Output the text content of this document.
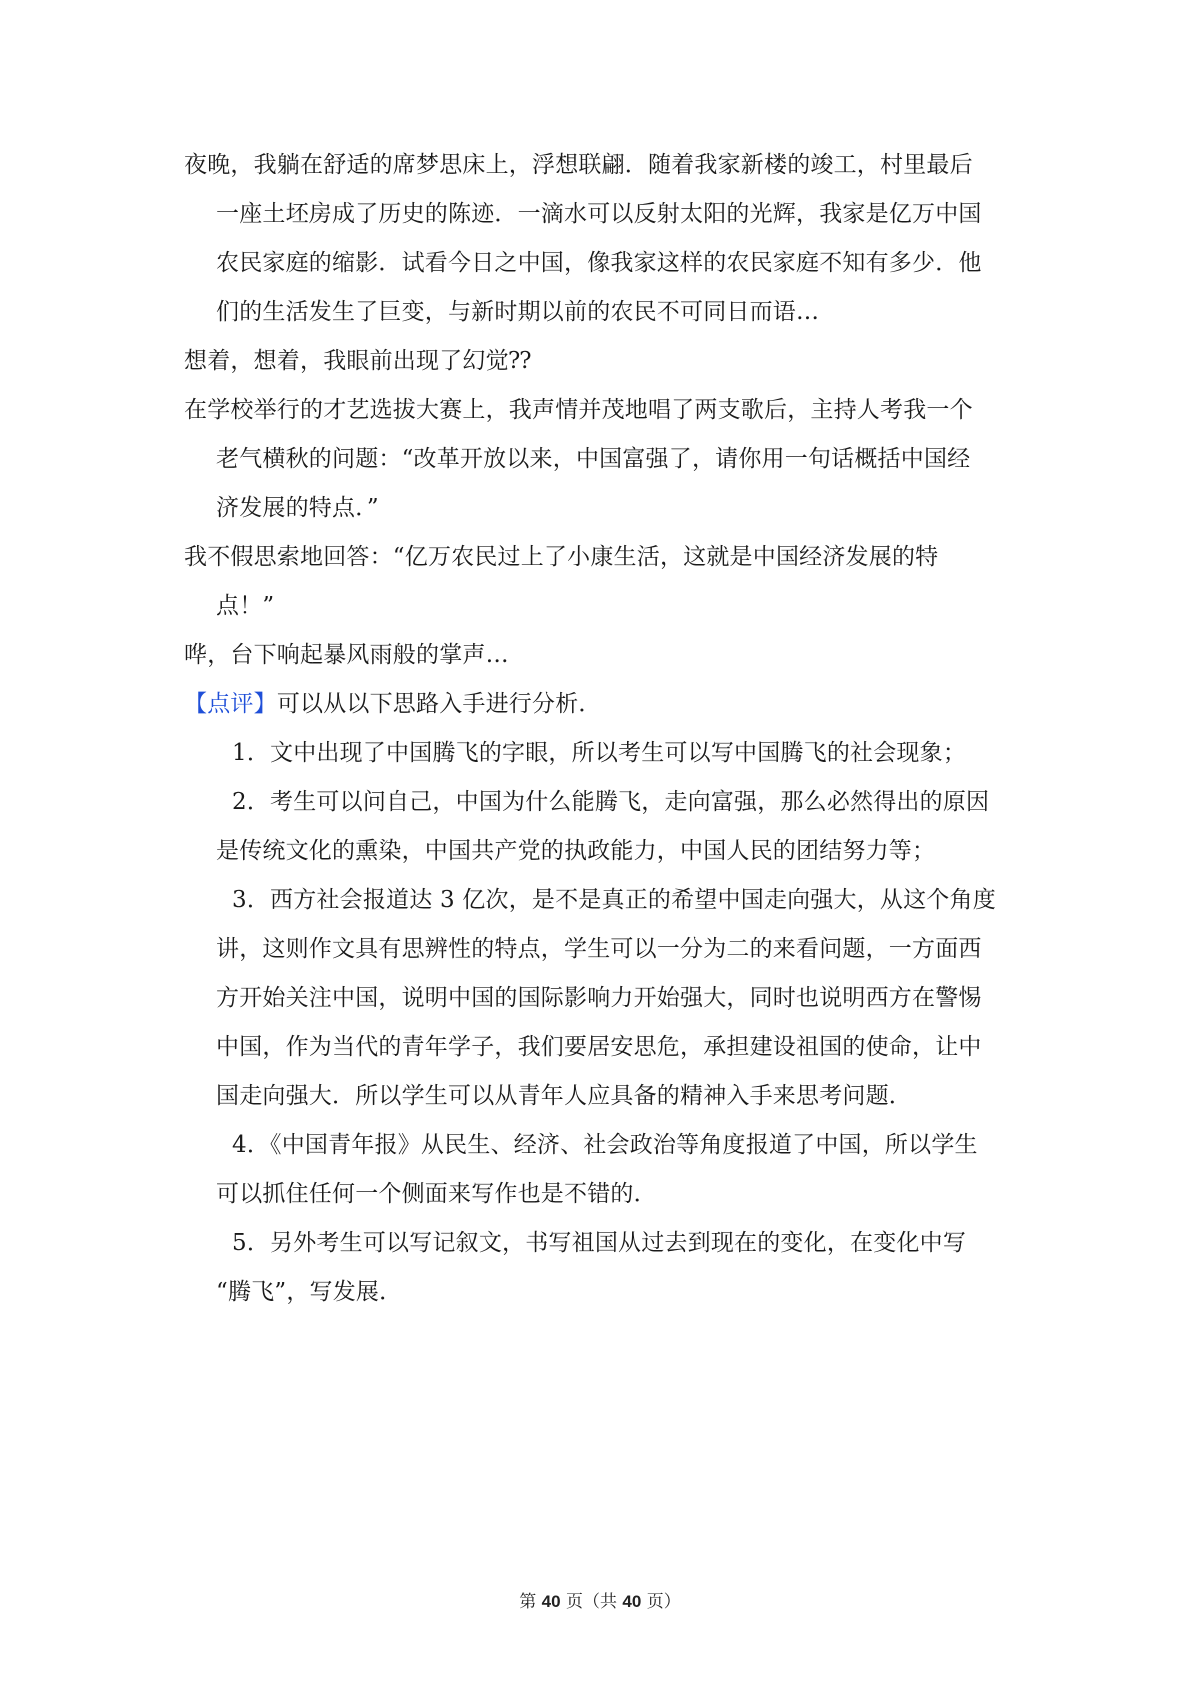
夜晚，我躺在舒适的席梦思床上，浮想联翩．随着我家新楼的竣工，村里最后
一座土坯房成了历史的陈迹．一滴水可以反射太阳的光辉，我家是亿万中国
农民家庭的缩影．试看今日之中国，像我家这样的农民家庭不知有多少．他
们的生活发生了巨变，与新时期以前的农民不可同日而语…
想着，想着，我眼前出现了幻觉⁇
在学校举行的才艺选拔大赛上，我声情并茂地唱了两支歌后，主持人考我一个
老气横秋的问题：“改革开放以来，中国富强了，请你用一句话概括中国经
济发展的特点．”
我不假思索地回答：“亿万农民过上了小康生活，这就是中国经济发展的特
点！”
哗，台下响起暴风雨般的掌声…
【点评】可以从以下思路入手进行分析．
1．文中出现了中国腾飞的字眼，所以考生可以写中国腾飞的社会现象；
2．考生可以问自己，中国为什么能腾飞，走向富强，那么必然得出的原因
是传统文化的熏染，中国共产党的执政能力，中国人民的团结努力等；
3．西方社会报道达 3 亿次，是不是真正的希望中国走向强大，从这个角度
讲，这则作文具有思辨性的特点，学生可以一分为二的来看问题，一方面西
方开始关注中国，说明中国的国际影响力开始强大，同时也说明西方在警惕
中国，作为当代的青年学子，我们要居安思危，承担建设祖国的使命，让中
国走向强大．所以学生可以从青年人应具备的精神入手来思考问题．
4．《中国青年报》从民生、经济、社会政治等角度报道了中国，所以学生
可以抓住任何一个侧面来写作也是不错的．
5．另外考生可以写记叙文，书写祖国从过去到现在的变化，在变化中写
“腾飞”，写发展．
第 40 页（共 40 页）
